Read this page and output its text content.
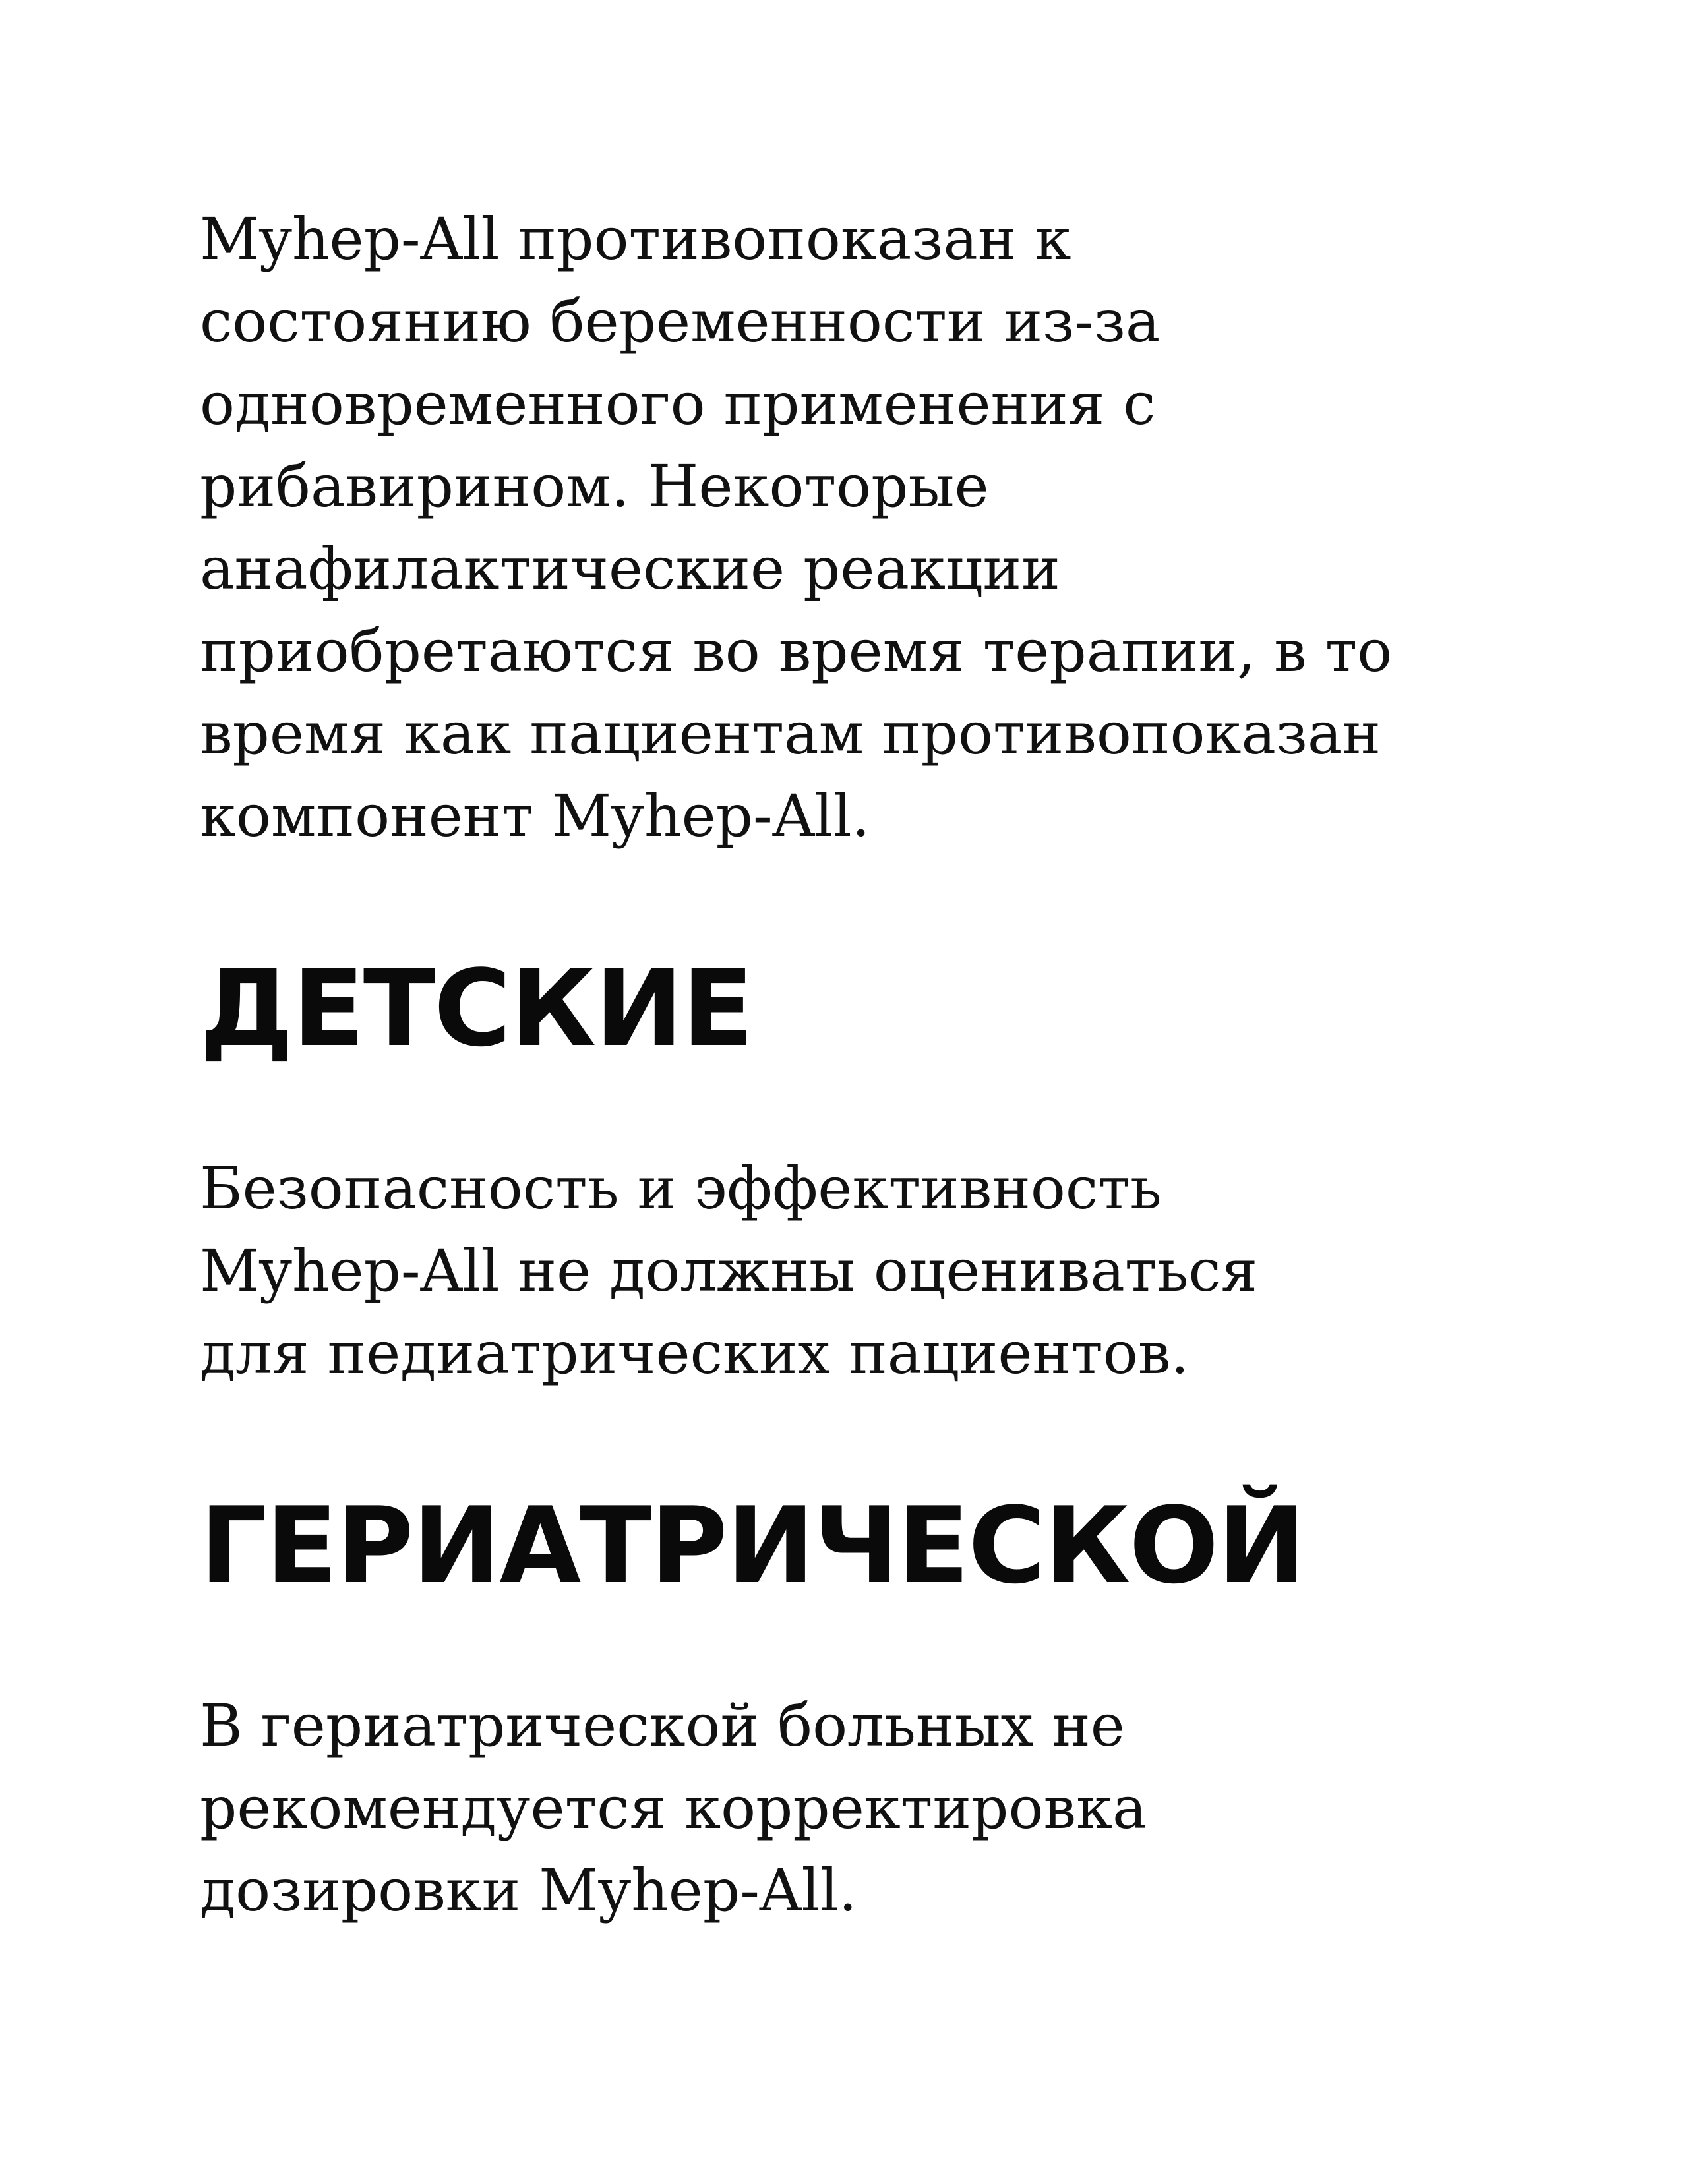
Myhep-All противопоказан к
состоянию беременности из-за
одновременного применения с
рибавирином. Некоторые
анафилактические реакции
приобретаются во время терапии, в то
время как пациентам противопоказан
компонент Myhep-All.

ДЕТСКИЕ

Безопасность и эффективность
Myhep-All не должны оцениваться
для педиатрических пациентов.

ГЕРИАТРИЧЕСКОЙ

В гериатрической больных не
рекомендуется корректировка
дозировки Myhep-All.
